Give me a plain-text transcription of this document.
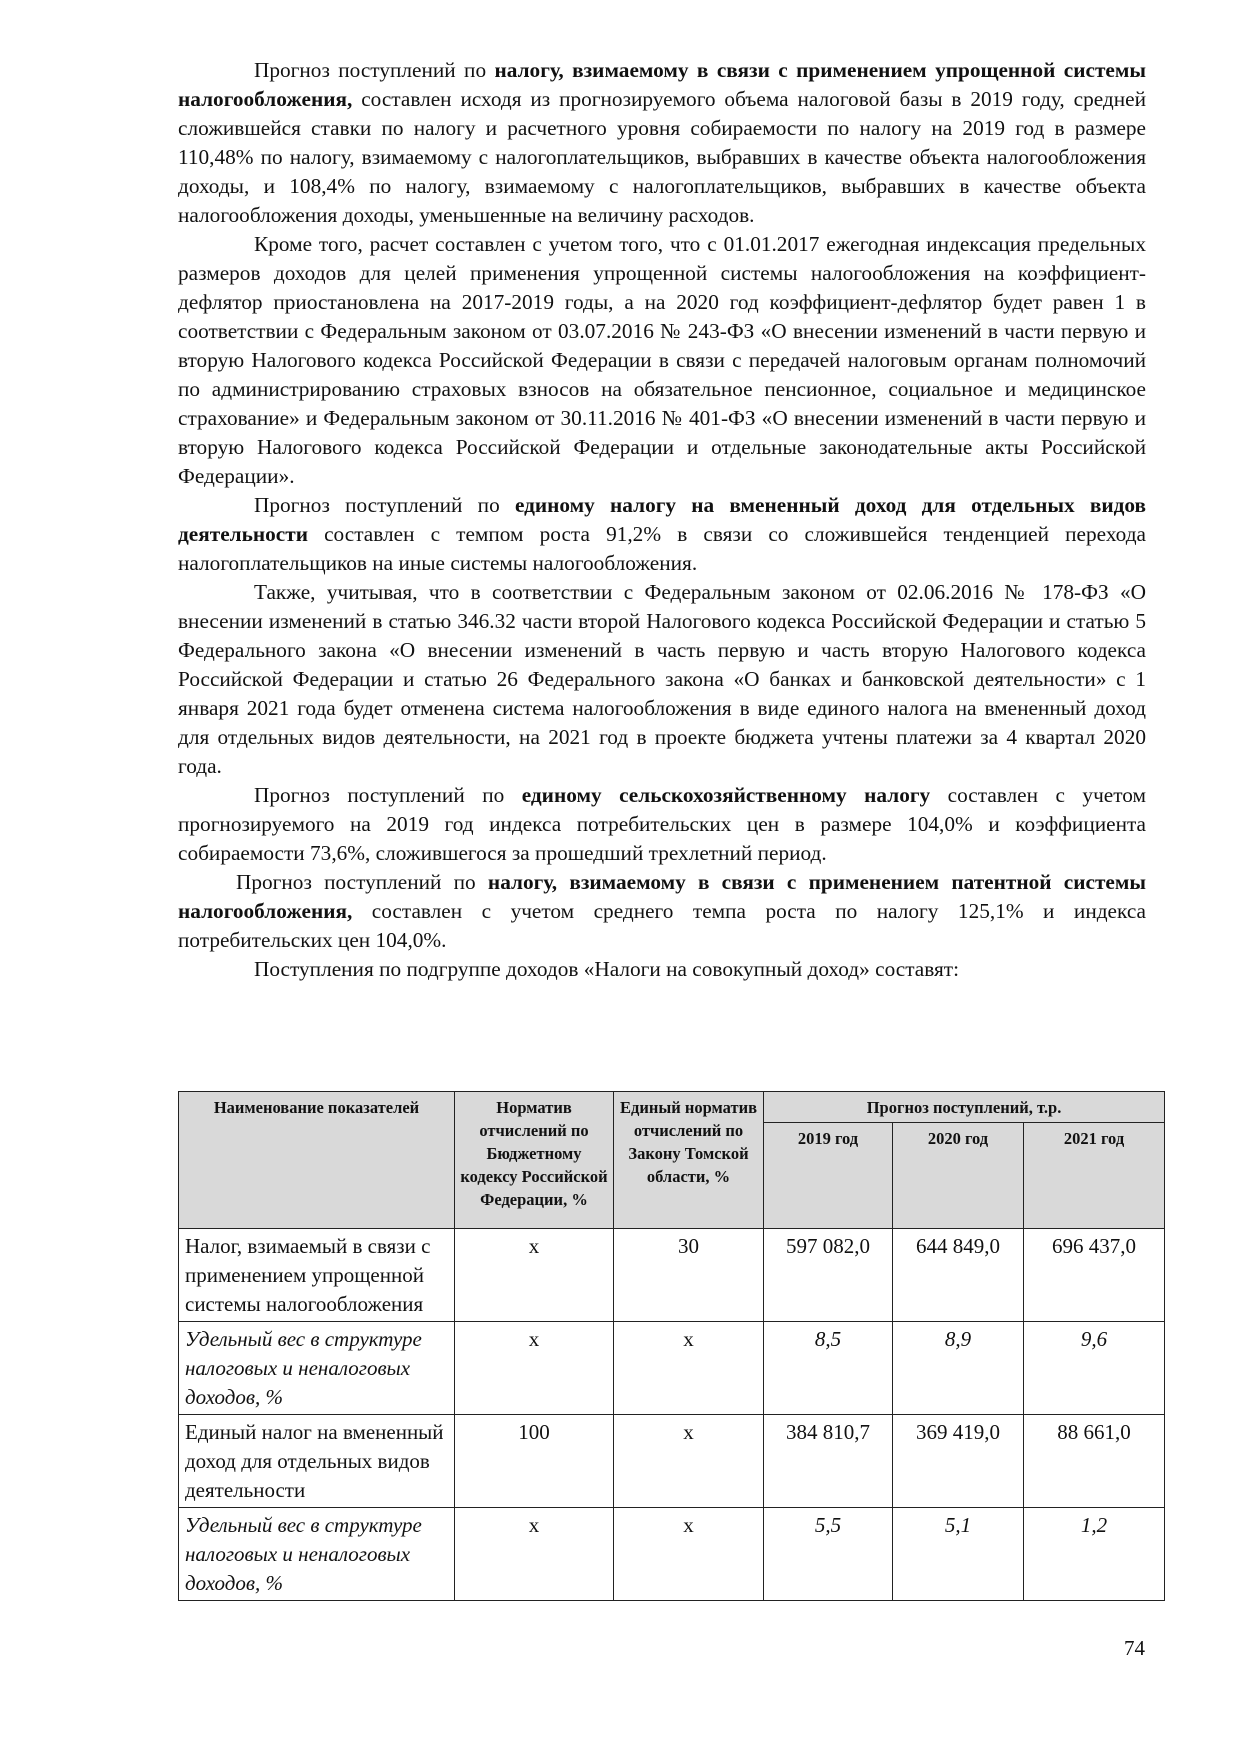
Прогноз поступлений по налогу, взимаемому в связи с применением упрощенной системы налогообложения, составлен исходя из прогнозируемого объема налоговой базы в 2019 году, средней сложившейся ставки по налогу и расчетного уровня собираемости по налогу на 2019 год в размере 110,48% по налогу, взимаемому с налогоплательщиков, выбравших в качестве объекта налогообложения доходы, и 108,4% по налогу, взимаемому с налогоплательщиков, выбравших в качестве объекта налогообложения доходы, уменьшенные на величину расходов.

Кроме того, расчет составлен с учетом того, что с 01.01.2017 ежегодная индексация предельных размеров доходов для целей применения упрощенной системы налогообложения на коэффициент-дефлятор приостановлена на 2017-2019 годы, а на 2020 год коэффициент-дефлятор будет равен 1 в соответствии с Федеральным законом от 03.07.2016 № 243-ФЗ «О внесении изменений в части первую и вторую Налогового кодекса Российской Федерации в связи с передачей налоговым органам полномочий по администрированию страховых взносов на обязательное пенсионное, социальное и медицинское страхование» и Федеральным законом от 30.11.2016 № 401-ФЗ «О внесении изменений в части первую и вторую Налогового кодекса Российской Федерации и отдельные законодательные акты Российской Федерации».

Прогноз поступлений по единому налогу на вмененный доход для отдельных видов деятельности составлен с темпом роста 91,2% в связи со сложившейся тенденцией перехода налогоплательщиков на иные системы налогообложения.

Также, учитывая, что в соответствии с Федеральным законом от 02.06.2016 № 178-ФЗ «О внесении изменений в статью 346.32 части второй Налогового кодекса Российской Федерации и статью 5 Федерального закона «О внесении изменений в часть первую и часть вторую Налогового кодекса Российской Федерации и статью 26 Федерального закона «О банках и банковской деятельности» с 1 января 2021 года будет отменена система налогообложения в виде единого налога на вмененный доход для отдельных видов деятельности, на 2021 год в проекте бюджета учтены платежи за 4 квартал 2020 года.

Прогноз поступлений по единому сельскохозяйственному налогу составлен с учетом прогнозируемого на 2019 год индекса потребительских цен в размере 104,0% и коэффициента собираемости 73,6%, сложившегося за прошедший трехлетний период.

Прогноз поступлений по налогу, взимаемому в связи с применением патентной системы налогообложения, составлен с учетом среднего темпа роста по налогу 125,1% и индекса потребительских цен 104,0%.

Поступления по подгруппе доходов «Налоги на совокупный доход» составят:

Наименование показателей	Норматив отчислений по Бюджетному кодексу Российской Федерации, %	Единый норматив отчислений по Закону Томской области, %	Прогноз поступлений, т.р.		
			2019 год	2020 год	2021 год
Налог, взимаемый в связи с применением упрощенной системы налогообложения	х	30	597 082,0	644 849,0	696 437,0
Удельный вес в структуре налоговых и неналоговых доходов, %	х	х	8,5	8,9	9,6
Единый налог на вмененный доход для отдельных видов деятельности	100	х	384 810,7	369 419,0	88 661,0
Удельный вес в структуре налоговых и неналоговых доходов, %	х	х	5,5	5,1	1,2
74
